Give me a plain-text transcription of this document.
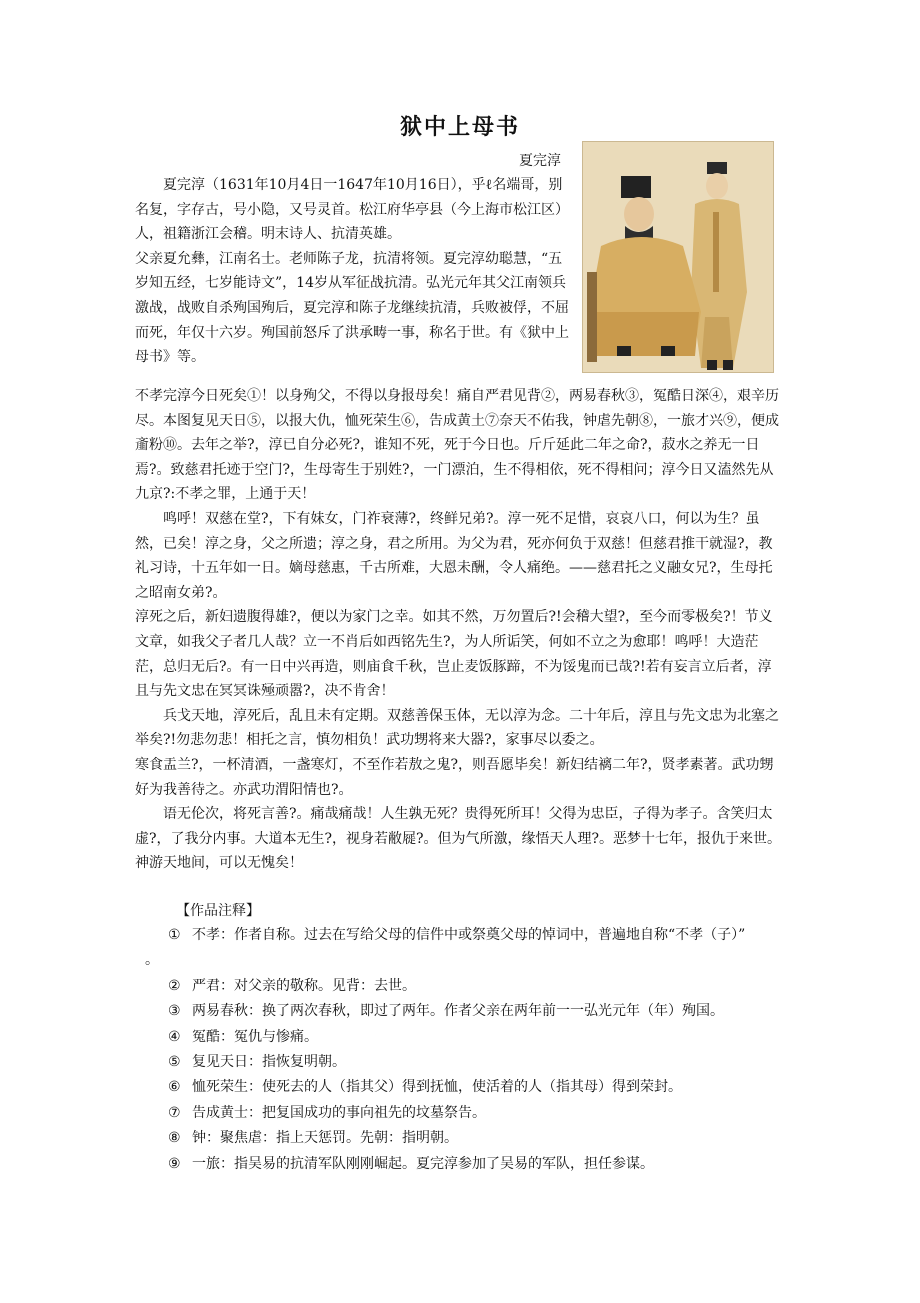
狱中上母书
夏完淳

夏完淳（1631年10月4日一1647年10月16日），乎ℓ名端哥，别名复，字存古，号小隐，又号灵首。松江府华亭县（今上海市松江区）人，祖籍浙江会稽。明末诗人、抗清英雄。

父亲夏允彝，江南名士。老师陈子龙，抗清将领。夏完淳幼聪慧，“五岁知五经，七岁能诗文”，14岁从军征战抗清。弘光元年其父江南领兵激战，战败自杀殉国殉后，夏完淳和陈子龙继续抗清，兵败被俘，不屈而死，年仅十六岁。殉国前怒斥了洪承畴一事，称名于世。有《狱中上母书》等。

不孝完淳今日死矣①！以身殉父，不得以身报母矣！痛自严君见背②，两易春秋③，冤酷日深④，艰辛历尽。本图复见天日⑤，以报大仇，恤死荣生⑥，告成黄土⑦奈天不佑我，钟虐先朝⑧，一旅才兴⑨，便成齑粉⑩。去年之举?，淳已自分必死?，谁知不死，死于今日也。斤斤延此二年之命?，菽水之养无一日焉?。致慈君托迹于空门?，生母寄生于别姓?，一门漂泊，生不得相依，死不得相问；淳今日又溘然先从九京?:不孝之罪，上通于天！

鸣呼！双慈在堂?，下有妹女，门祚衰薄?，终鲜兄弟?。淳一死不足惜，哀哀八口，何以为生？虽然，已矣！淳之身，父之所遗；淳之身，君之所用。为父为君，死亦何负于双慈！但慈君推干就湿?，教礼习诗，十五年如一日。嫡母慈惠，千古所难，大恩未酬，令人痛绝。——慈君托之义融女兄?，生母托之昭南女弟?。

淳死之后，新妇遗腹得雄?，便以为家门之幸。如其不然，万勿置后?!会稽大望?，至今而零极矣?！节义文章，如我父子者几人哉？立一不肖后如西铭先生?，为人所诟笑，何如不立之为愈耶！鸣呼！大造茫茫，总归无后?。有一日中兴再造，则庙食千秋，岂止麦饭豚蹄，不为馁鬼而已哉?!若有妄言立后者，淳且与先文忠在冥冥诛殛顽嚣?，决不肯舍！

兵戈天地，淳死后，乱且未有定期。双慈善保玉体，无以淳为念。二十年后，淳且与先文忠为北塞之举矣?!勿悲勿悲！相托之言，慎勿相负！武功甥将来大器?，家事尽以委之。

寒食盂兰?，一杯清酒，一盏寒灯，不至作若敖之鬼?，则吾愿毕矣！新妇结褵二年?，贤孝素著。武功甥好为我善待之。亦武功渭阳情也?。

语无伦次，将死言善?。痛哉痛哉！人生孰无死？贵得死所耳！父得为忠臣，子得为孝子。含笑归太虚?，了我分内事。大道本无生?，视身若敝屣?。但为气所激，缘悟天人理?。恶梦十七年，报仇于来世。神游天地间，可以无愧矣！

【作品注释】

① 不孝：作者自称。过去在写给父母的信件中或祭奠父母的悼词中，普遍地自称“不孝（子）”

。

② 严君：对父亲的敬称。见背：去世。

③ 两易春秋：换了两次春秋，即过了两年。作者父亲在两年前一一弘光元年（年）殉国。

④ 冤酷：冤仇与惨痛。

⑤ 复见天日：指恢复明朝。

⑥ 恤死荣生：使死去的人（指其父）得到抚恤，使活着的人（指其母）得到荣封。

⑦ 告成黄士：把复国成功的事向祖先的坟墓祭告。

⑧ 钟：聚焦虐：指上天惩罚。先朝：指明朝。

⑨ 一旅：指吴易的抗清军队刚刚崛起。夏完淳参加了吴易的军队，担任参谋。
